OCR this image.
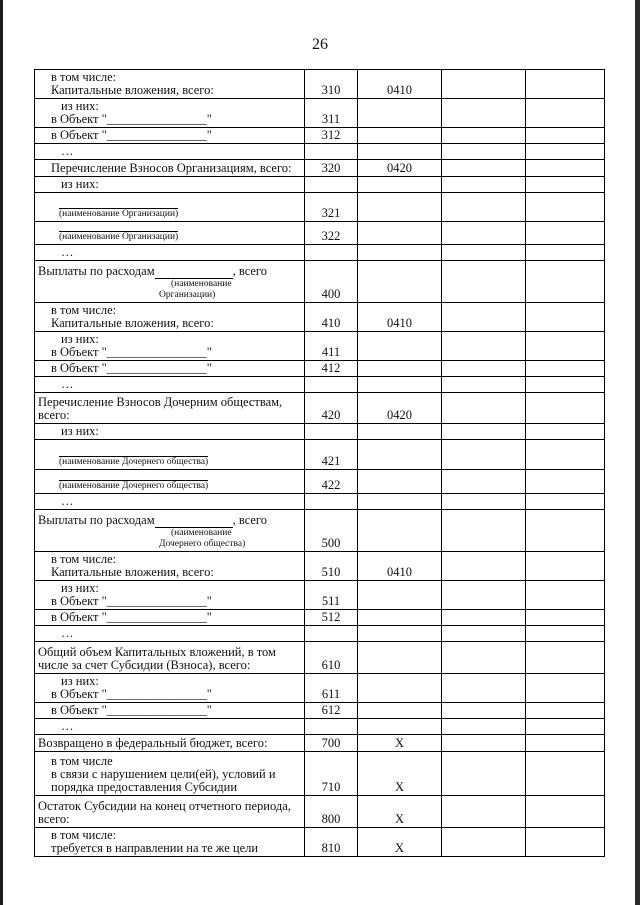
26
в том числе:
Капитальные вложения, всего:	310	0410		

из них:
в Объект "________________"	311			

в Объект "________________"	312			

…				

Перечисление Взносов Организациям, всего:	320	0420		

из них:				

(наименование Организации)	321			
(наименование Организации)	322			

…				

Выплаты по расходам , всего
(наименование
Организации)	400			

в том числе:
Капитальные вложения, всего:	410	0410		

из них:
в Объект "________________"	411			

в Объект "________________"	412			

…				

Перечисление Взносов Дочерним обществам,
всего:	420	0420		

из них:				

(наименование Дочернего общества)	421			
(наименование Дочернего общества)	422			

…				

Выплаты по расходам , всего
(наименование
Дочернего общества)	500			

в том числе:
Капитальные вложения, всего:	510	0410		

из них:
в Объект "________________"	511			

в Объект "________________"	512			

…				

Общий объем Капитальных вложений, в том
числе за счет Субсидии (Взноса), всего:	610			

из них:
в Объект "________________"	611			

в Объект "________________"	612			

…				

Возвращено в федеральный бюджет, всего:	700	X		

в том числе
в связи с нарушением цели(ей), условий и
порядка предоставления Субсидии	710	X		

Остаток Субсидии на конец отчетного периода,
всего:	800	X		

в том числе:
требуется в направлении на те же цели	810	X		
